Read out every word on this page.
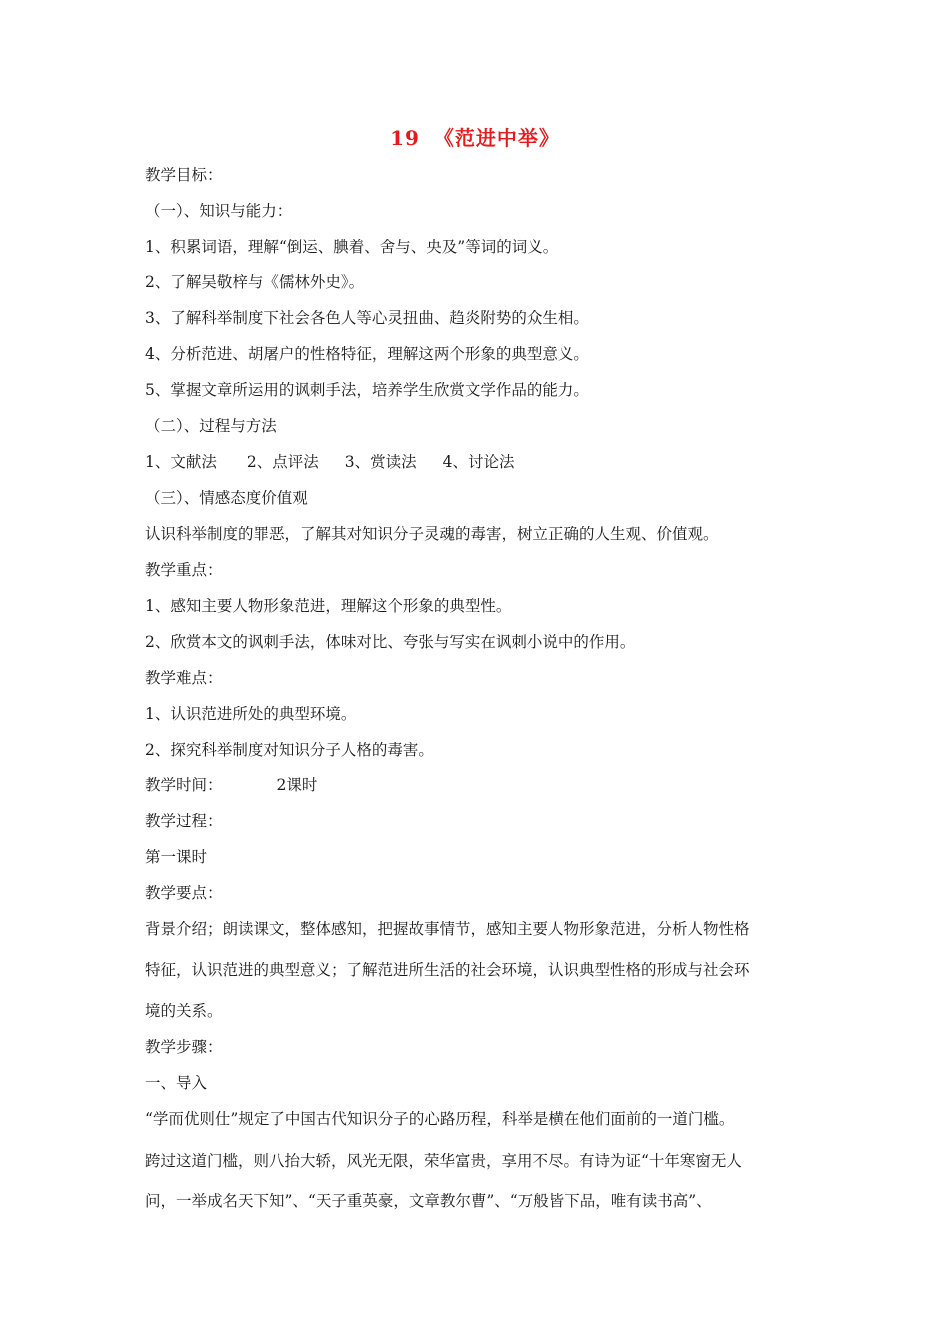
19 《范进中举》
教学目标：
（一）、知识与能力：
1、积累词语，理解“倒运、腆着、舍与、央及”等词的词义。
2、了解吴敬梓与《儒林外史》。
3、了解科举制度下社会各色人等心灵扭曲、趋炎附势的众生相。
4、分析范进、胡屠户的性格特征，理解这两个形象的典型意义。
5、掌握文章所运用的讽刺手法，培养学生欣赏文学作品的能力。
（二）、过程与方法
1、文献法 2、点评法 3、赏读法 4、讨论法
（三）、情感态度价值观
认识科举制度的罪恶，了解其对知识分子灵魂的毒害，树立正确的人生观、价值观。
教学重点：
1、感知主要人物形象范进，理解这个形象的典型性。
2、欣赏本文的讽刺手法，体味对比、夸张与写实在讽刺小说中的作用。
教学难点：
1、认识范进所处的典型环境。
2、探究科举制度对知识分子人格的毒害。
教学时间：	2课时
教学过程：
第一课时
教学要点：
背景介绍；朗读课文，整体感知，把握故事情节，感知主要人物形象范进，分析人物性格
特征，认识范进的典型意义；了解范进所生活的社会环境，认识典型性格的形成与社会环
境的关系。
教学步骤：
一、导入
“学而优则仕”规定了中国古代知识分子的心路历程，科举是横在他们面前的一道门槛。
跨过这道门槛，则八抬大轿，风光无限，荣华富贵，享用不尽。有诗为证“十年寒窗无人
问，一举成名天下知”、“天子重英豪，文章教尔曹”、“万般皆下品，唯有读书高”、
